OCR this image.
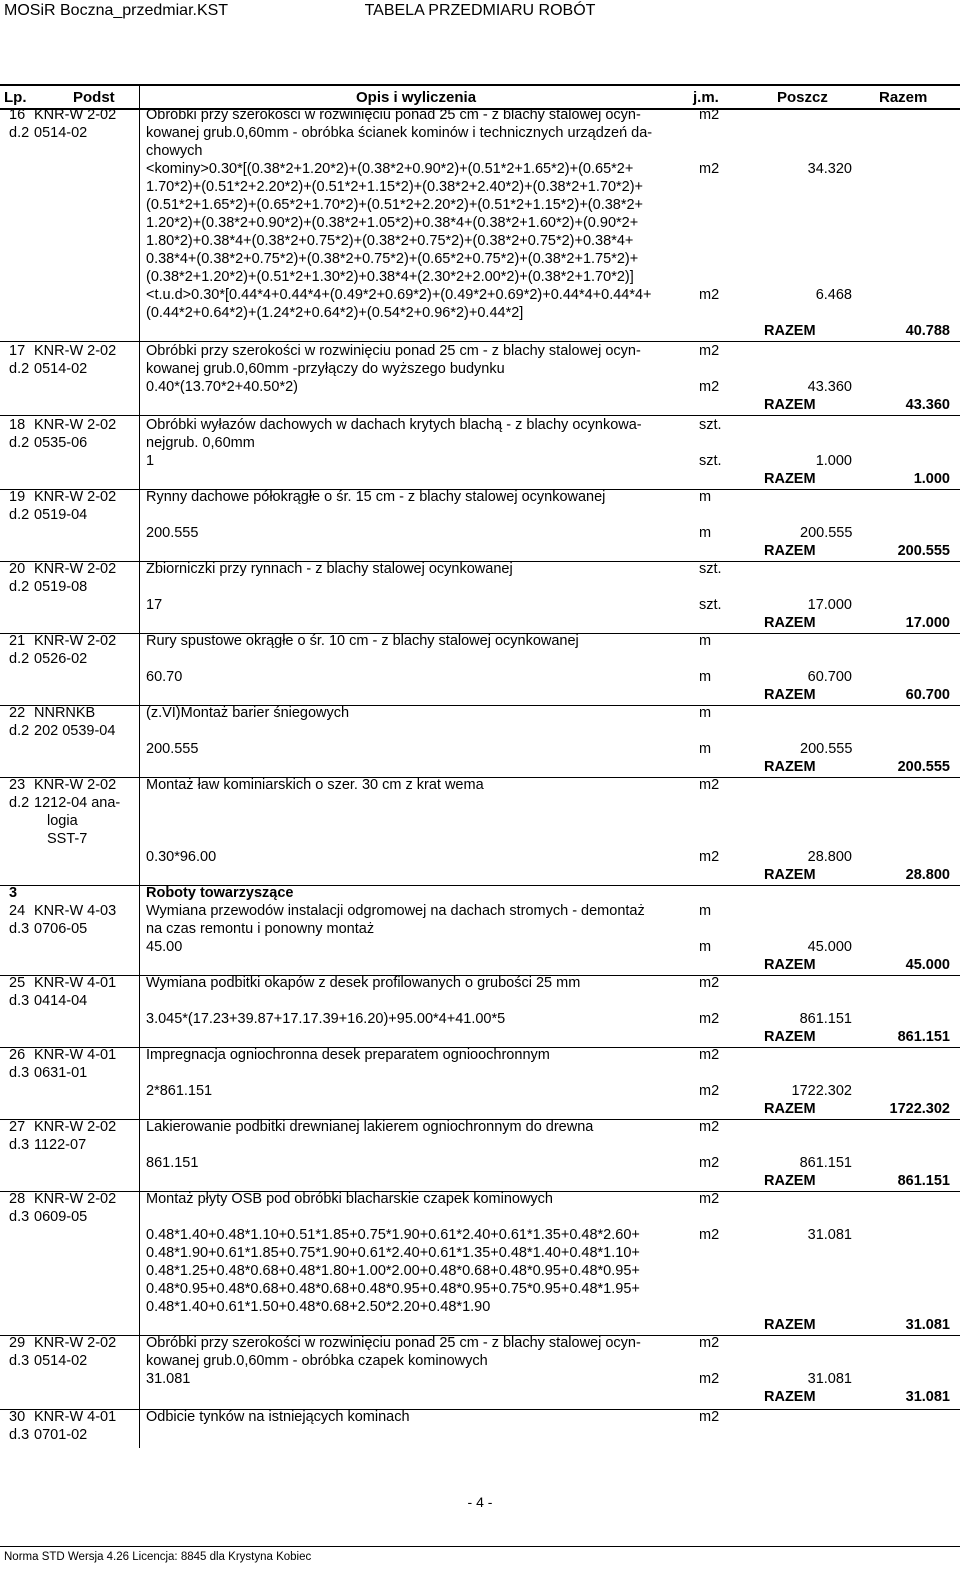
MOSiR Boczna_przedmiar.KST	TABELA PRZEDMIARU ROBÓT
Lp.	Podst	Opis i wyliczenia	j.m.	Poszcz	Razem
16 KNR-W 2-02 Obróbki przy szerokości w rozwinięciu ponad 25 cm - z blachy stalowej ocyn-	m2
d.2 0514-02	kowanej grub.0,60mm - obróbka ścianek kominów i technicznych urządzeń da-
chowych
<kominy>0.30*[(0.38*2+1.20*2)+(0.38*2+0.90*2)+(0.51*2+1.65*2)+(0.65*2+	m2	34.320
1.70*2)+(0.51*2+2.20*2)+(0.51*2+1.15*2)+(0.38*2+2.40*2)+(0.38*2+1.70*2)+
(0.51*2+1.65*2)+(0.65*2+1.70*2)+(0.51*2+2.20*2)+(0.51*2+1.15*2)+(0.38*2+
1.20*2)+(0.38*2+0.90*2)+(0.38*2+1.05*2)+0.38*4+(0.38*2+1.60*2)+(0.90*2+
1.80*2)+0.38*4+(0.38*2+0.75*2)+(0.38*2+0.75*2)+(0.38*2+0.75*2)+0.38*4+
0.38*4+(0.38*2+0.75*2)+(0.38*2+0.75*2)+(0.65*2+0.75*2)+(0.38*2+1.75*2)+
(0.38*2+1.20*2)+(0.51*2+1.30*2)+0.38*4+(2.30*2+2.00*2)+(0.38*2+1.70*2)]
<t.u.d>0.30*[0.44*4+0.44*4+(0.49*2+0.69*2)+(0.49*2+0.69*2)+0.44*4+0.44*4+	m2	6.468
(0.44*2+0.64*2)+(1.24*2+0.64*2)+(0.54*2+0.96*2)+0.44*2]
RAZEM	40.788
17 KNR-W 2-02 Obróbki przy szerokości w rozwinięciu ponad 25 cm - z blachy stalowej ocyn-	m2
d.2 0514-02	kowanej grub.0,60mm -przyłączy do wyższego budynku
0.40*(13.70*2+40.50*2)	m2	43.360
RAZEM	43.360
18 KNR-W 2-02 Obróbki wyłazów dachowych w dachach krytych blachą - z blachy ocynkowa-	szt.
d.2 0535-06	nejgrub. 0,60mm
1	szt.	1.000
RAZEM	1.000
19 KNR-W 2-02 Rynny dachowe półokrągłe o śr. 15 cm - z blachy stalowej ocynkowanej	m
d.2 0519-04
200.555	m	200.555
RAZEM	200.555
20 KNR-W 2-02 Zbiorniczki przy rynnach - z blachy stalowej ocynkowanej	szt.
d.2 0519-08
17	szt.	17.000
RAZEM	17.000
21 KNR-W 2-02 Rury spustowe okrągłe o śr. 10 cm - z blachy stalowej ocynkowanej	m
d.2 0526-02
60.70	m	60.700
RAZEM	60.700
22 NNRNKB	(z.VI)Montaż barier śniegowych	m
d.2 202 0539-04
200.555	m	200.555
RAZEM	200.555
23 KNR-W 2-02 Montaż ław kominiarskich o szer. 30 cm z krat wema	m2
d.2 1212-04 ana-
logia
SST-7
0.30*96.00	m2	28.800
RAZEM	28.800
3	Roboty towarzyszące
24 KNR-W 4-03 Wymiana przewodów instalacji odgromowej na dachach stromych - demontaż	m
d.3 0706-05	na czas remontu i ponowny montaż
45.00	m	45.000
RAZEM	45.000
25 KNR-W 4-01 Wymiana podbitki okapów z desek profilowanych o grubości 25 mm	m2
d.3 0414-04
3.045*(17.23+39.87+17.17.39+16.20)+95.00*4+41.00*5	m2	861.151
RAZEM	861.151
26 KNR-W 4-01 Impregnacja ogniochronna desek preparatem ognioochronnym	m2
d.3 0631-01
2*861.151	m2	1722.302
RAZEM	1722.302
27 KNR-W 2-02 Lakierowanie podbitki drewnianej lakierem ogniochronnym do drewna	m2
d.3 1122-07
861.151	m2	861.151
RAZEM	861.151
28 KNR-W 2-02 Montaż płyty OSB pod obróbki blacharskie czapek kominowych	m2
d.3 0609-05
0.48*1.40+0.48*1.10+0.51*1.85+0.75*1.90+0.61*2.40+0.61*1.35+0.48*2.60+	m2	31.081
0.48*1.90+0.61*1.85+0.75*1.90+0.61*2.40+0.61*1.35+0.48*1.40+0.48*1.10+
0.48*1.25+0.48*0.68+0.48*1.80+1.00*2.00+0.48*0.68+0.48*0.95+0.48*0.95+
0.48*0.95+0.48*0.68+0.48*0.68+0.48*0.95+0.48*0.95+0.75*0.95+0.48*1.95+
0.48*1.40+0.61*1.50+0.48*0.68+2.50*2.20+0.48*1.90
RAZEM	31.081
29 KNR-W 2-02 Obróbki przy szerokości w rozwinięciu ponad 25 cm - z blachy stalowej ocyn-	m2
d.3 0514-02	kowanej grub.0,60mm - obróbka czapek kominowych
31.081	m2	31.081
RAZEM	31.081
30 KNR-W 4-01 Odbicie tynków na istniejących kominach	m2
d.3 0701-02
- 4 -
Norma STD Wersja 4.26 Licencja: 8845 dla Krystyna Kobiec
